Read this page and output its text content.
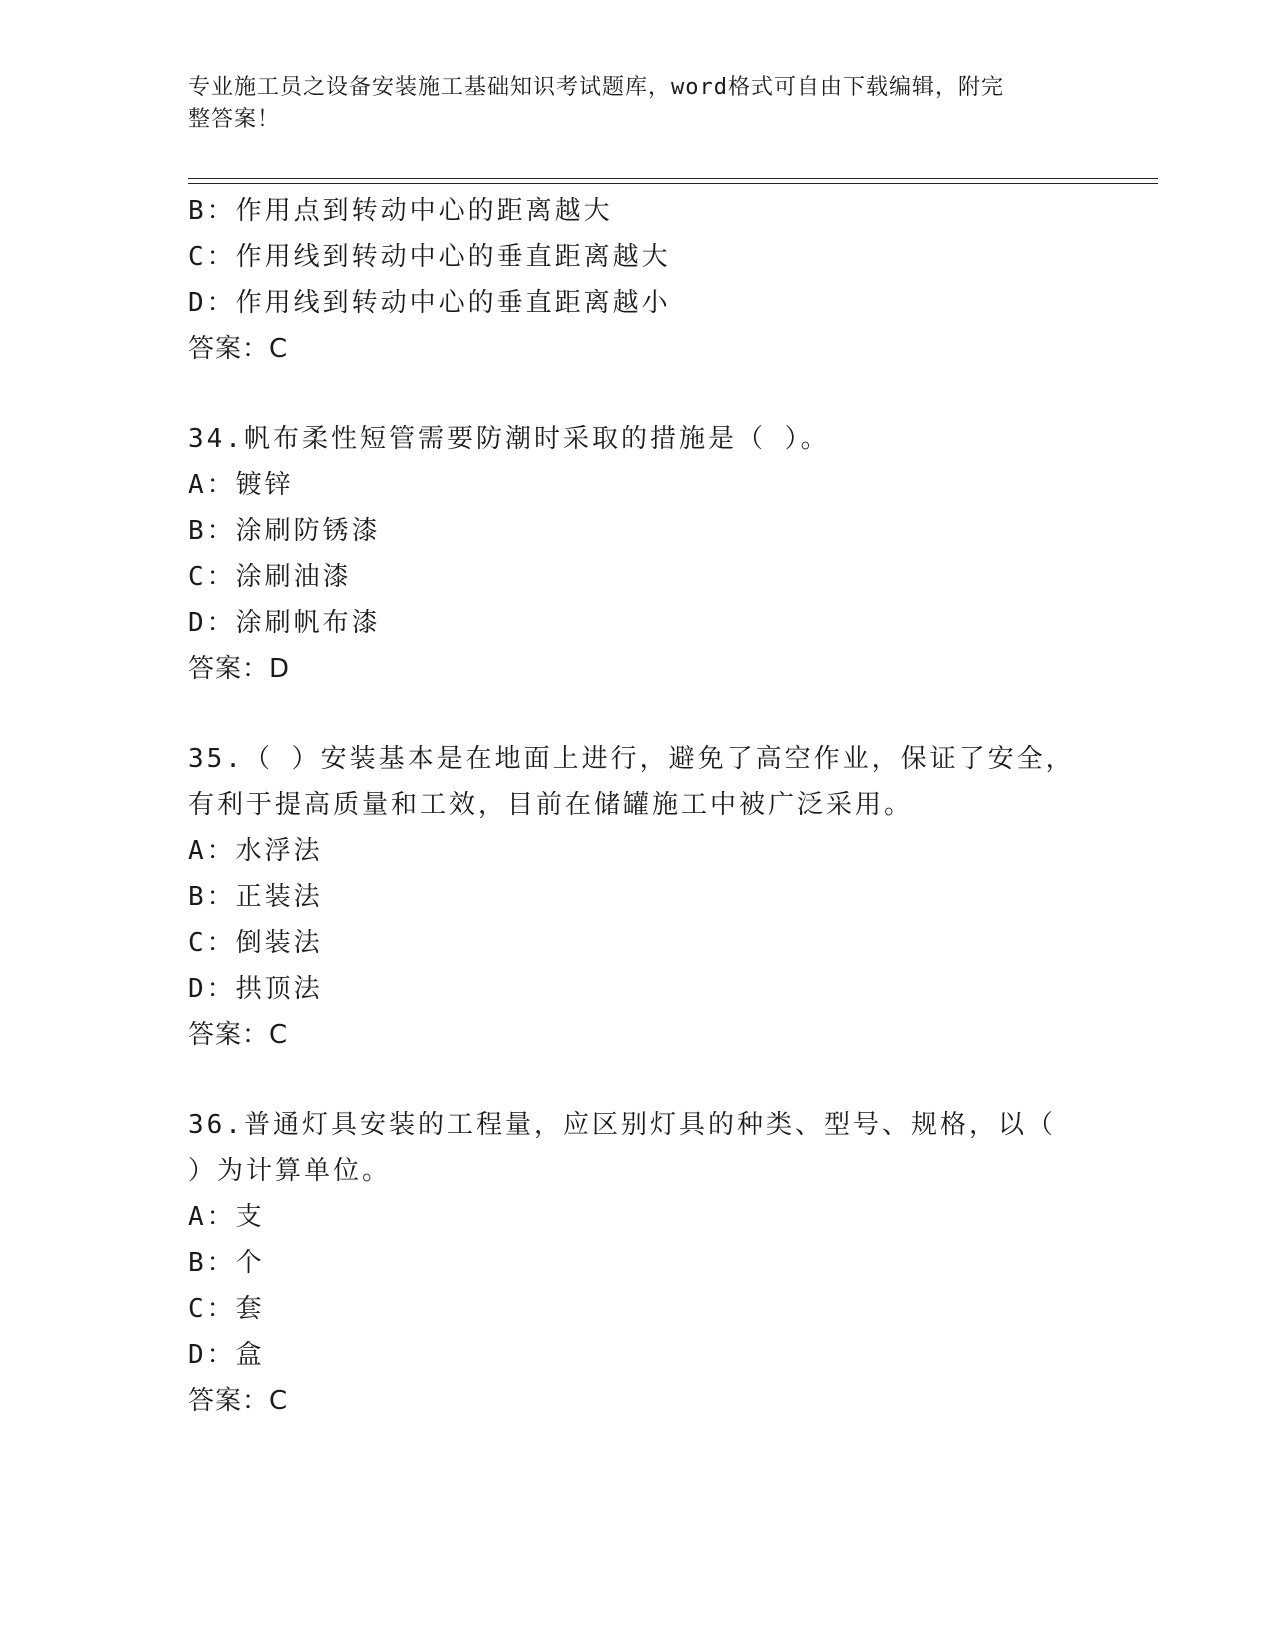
专业施工员之设备安装施工基础知识考试题库，word格式可自由下载编辑，附完
整答案！
B：作用点到转动中心的距离越大
C：作用线到转动中心的垂直距离越大
D：作用线到转动中心的垂直距离越小
答案：C
34.帆布柔性短管需要防潮时采取的措施是（ ）。
A：镀锌
B：涂刷防锈漆
C：涂刷油漆
D：涂刷帆布漆
答案：D
35.（ ）安装基本是在地面上进行，避免了高空作业，保证了安全，
有利于提高质量和工效，目前在储罐施工中被广泛采用。
A：水浮法
B：正装法
C：倒装法
D：拱顶法
答案：C
36.普通灯具安装的工程量，应区别灯具的种类、型号、规格，以（
）为计算单位。
A：支
B：个
C：套
D：盒
答案：C
